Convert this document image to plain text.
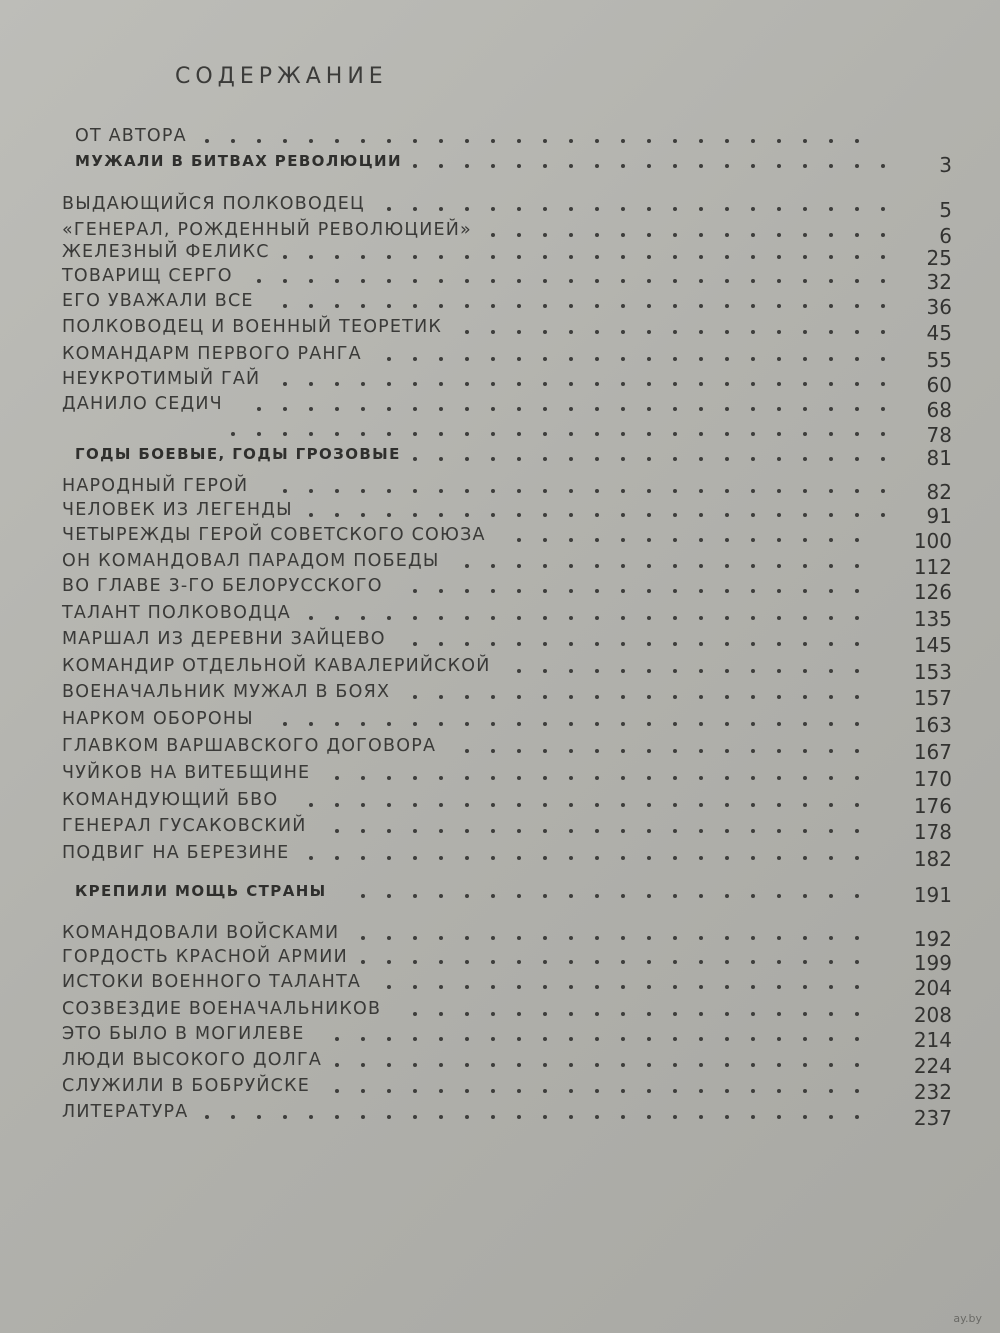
СОДЕРЖАНИЕ
ОТ АВТОРА
МУЖАЛИ В БИТВАХ РЕВОЛЮЦИИ	3
ВЫДАЮЩИЙСЯ ПОЛКОВОДЕЦ	5
«ГЕНЕРАЛ, РОЖДЕННЫЙ РЕВОЛЮЦИЕЙ»	6
ЖЕЛЕЗНЫЙ ФЕЛИКС	25
ТОВАРИЩ СЕРГО	32
ЕГО УВАЖАЛИ ВСЕ	36
ПОЛКОВОДЕЦ И ВОЕННЫЙ ТЕОРЕТИК	45
КОМАНДАРМ ПЕРВОГО РАНГА	55
НЕУКРОТИМЫЙ ГАЙ	60
ДАНИЛО СЕДИЧ	68
78
ГОДЫ БОЕВЫЕ, ГОДЫ ГРОЗОВЫЕ	81
НАРОДНЫЙ ГЕРОЙ	82
ЧЕЛОВЕК ИЗ ЛЕГЕНДЫ	91
ЧЕТЫРЕЖДЫ ГЕРОЙ СОВЕТСКОГО СОЮЗА	100
ОН КОМАНДОВАЛ ПАРАДОМ ПОБЕДЫ	112
ВО ГЛАВЕ 3-ГО БЕЛОРУССКОГО	126
ТАЛАНТ ПОЛКОВОДЦА	135
МАРШАЛ ИЗ ДЕРЕВНИ ЗАЙЦЕВО	145
КОМАНДИР ОТДЕЛЬНОЙ КАВАЛЕРИЙСКОЙ	153
ВОЕНАЧАЛЬНИК МУЖАЛ В БОЯХ	157
НАРКОМ ОБОРОНЫ	163
ГЛАВКОМ ВАРШАВСКОГО ДОГОВОРА	167
ЧУЙКОВ НА ВИТЕБЩИНЕ	170
КОМАНДУЮЩИЙ БВО	176
ГЕНЕРАЛ ГУСАКОВСКИЙ	178
ПОДВИГ НА БЕРЕЗИНЕ	182
КРЕПИЛИ МОЩЬ СТРАНЫ	191
КОМАНДОВАЛИ ВОЙСКАМИ	192
ГОРДОСТЬ КРАСНОЙ АРМИИ	199
ИСТОКИ ВОЕННОГО ТАЛАНТА	204
СОЗВЕЗДИЕ ВОЕНАЧАЛЬНИКОВ	208
ЭТО БЫЛО В МОГИЛЕВЕ	214
ЛЮДИ ВЫСОКОГО ДОЛГА	224
СЛУЖИЛИ В БОБРУЙСКЕ	232
ЛИТЕРАТУРА	237
ay.by
